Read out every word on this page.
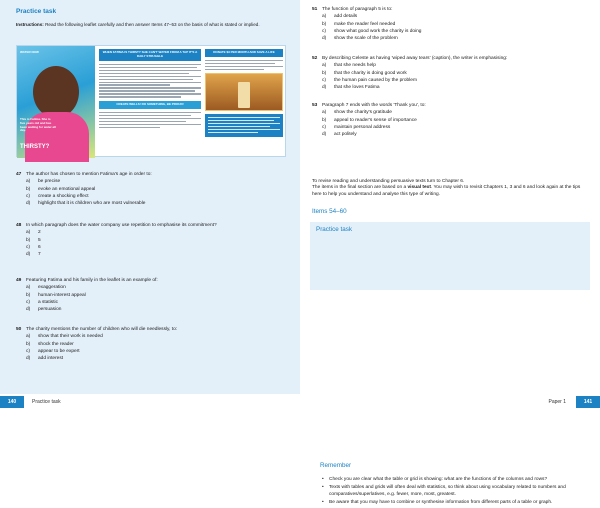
Practice task
Instructions: Read the following leaflet carefully and then answer Items 47–53 on the basis of what is stated or implied.
WATER NOW
This is Fatima. She is five years old and has been waiting for water all day.
THIRSTY?
WHEN FATIMA IS THIRSTY SHE CAN'T WATER FROM A TAP IT'S A DAILY STRUGGLE
CREATE WELLS! DO SOMETHING, BE PROUD!
DONATE $3 PER MONTH AND SAVE A LIFE
47 The author has chosen to mention Fatima's age in order to:
a) be precise
b) evoke an emotional appeal
c) create a shocking effect
d) highlight that it is children who are most vulnerable
48 In which paragraph does the water company use repetition to emphasise its commitment?
a) 2
b) 5
c) 6
d) 7
49 Featuring Fatima and his family in the leaflet is an example of:
a) exaggeration
b) human-interest appeal
c) a statistic
d) persuasion
50 The charity mentions the number of children who will die needlessly, to:
a) show that their work is needed
b) shock the reader
c) appear to be expert
d) add interest
140	Practice task
51 The function of paragraph 5 is to:
a) add details
b) make the reader feel needed
c) show what good work the charity is doing
d) show the scale of the problem
52 By describing Celeste as having 'wiped away tears' (caption), the writer is emphasising:
a) that she needs help
b) that the charity is doing good work
c) the human pain caused by the problem
d) that she loves Fatima
53 Paragraph 7 ends with the words 'Thank you', to:
a) show the charity's gratitude
b) appeal to reader's sense of importance
c) maintain personal address
d) act politely
To revise reading and understanding persuasive texts turn to Chapter 6.
The items in the final section are based on a visual text. You may wish to revisit Chapters 1, 3 and 6 and look again at the tips here to help you understand and analyse this type of writing.
Items 54–60
Practice task
Remember
• Check you are clear what the table or grid is showing: what are the functions of the columns and rows?
• Texts with tables and grids will often deal with statistics, so think about using vocabulary related to numbers and comparatives/superlatives, e.g. fewer, more, most, greatest.
• Be aware that you may have to combine or synthesise information from different parts of a table or graph.
Paper 1	141
